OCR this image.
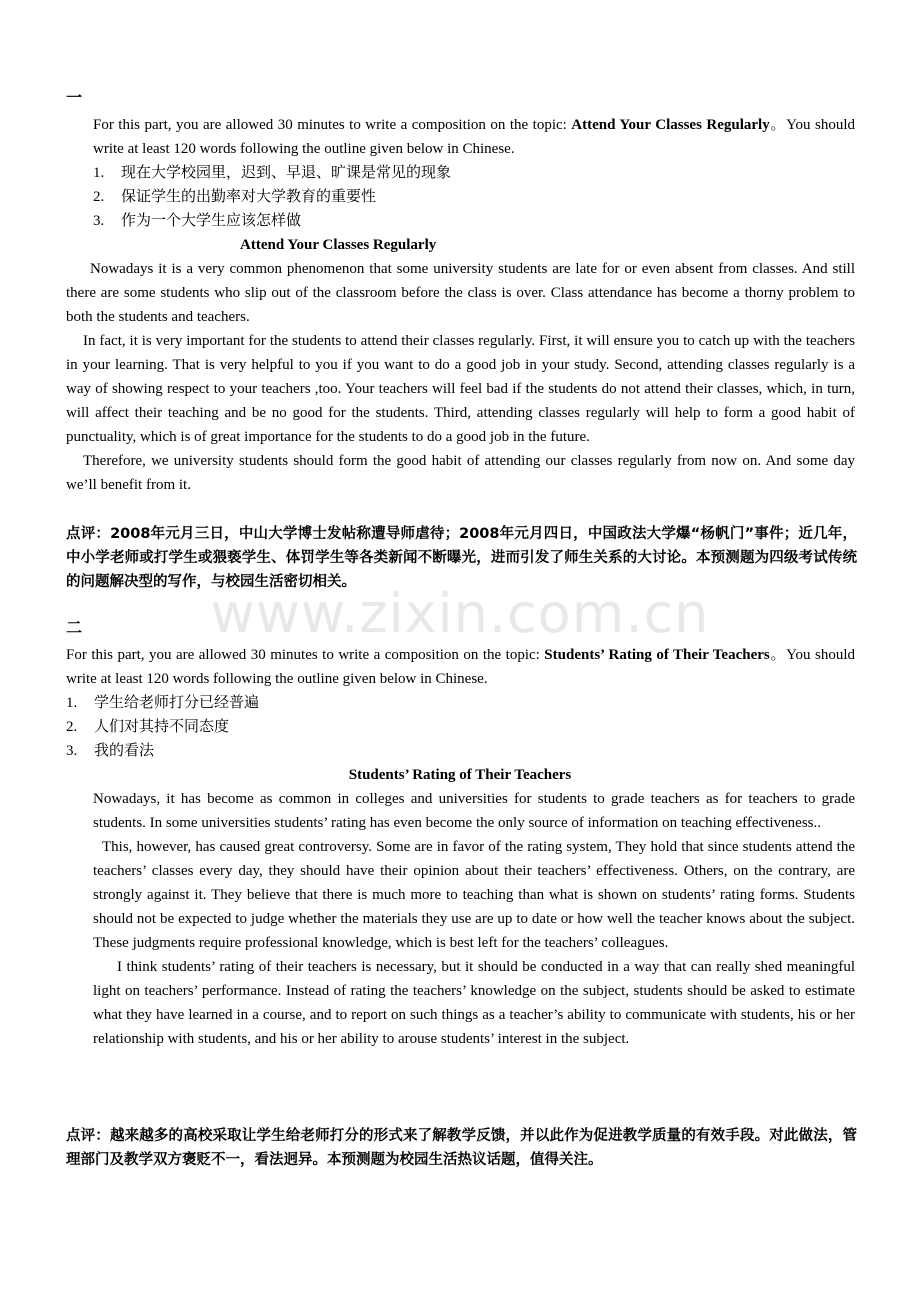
一

For this part, you are allowed 30 minutes to write a composition on the topic: Attend Your Classes Regularly。You should write at least 120 words following the outline given below in Chinese.

1.	现在大学校园里，迟到、早退、旷课是常见的现象
2.	保证学生的出勤率对大学教育的重要性
3.	作为一个大学生应该怎样做
Attend Your Classes Regularly

Nowadays it is a very common phenomenon that some university students are late for or even absent from classes. And still there are some students who slip out of the classroom before the class is over. Class attendance has become a thorny problem to both the students and teachers.

In fact, it is very important for the students to attend their classes regularly. First, it will ensure you to catch up with the teachers in your learning. That is very helpful to you if you want to do a good job in your study. Second, attending classes regularly is a way of showing respect to your teachers ,too. Your teachers will feel bad if the students do not attend their classes, which, in turn, will affect their teaching and be no good for the students. Third, attending classes regularly will help to form a good habit of punctuality, which is of great importance for the students to do a good job in the future.

Therefore, we university students should form the good habit of attending our classes regularly from now on. And some day we’ll benefit from it.

点评：2008年元月三日，中山大学博士发帖称遭导师虐待；2008年元月四日，中国政法大学爆“杨帆门”事件；近几年，中小学老师或打学生或猥亵学生、体罚学生等各类新闻不断曝光，进而引发了师生关系的大讨论。本预测题为四级考试传统的问题解决型的写作，与校园生活密切相关。

www.zixin.com.cn
二

For this part, you are allowed 30 minutes to write a composition on the topic: Students’ Rating of Their Teachers。You should write at least 120 words following the outline given below in Chinese.

1.	学生给老师打分已经普遍
2.	人们对其持不同态度
3.	我的看法
Students’ Rating of Their Teachers

Nowadays, it has become as common in colleges and universities for students to grade teachers as for teachers to grade students. In some universities students’ rating has even become the only source of information on teaching effectiveness..

This, however, has caused great controversy. Some are in favor of the rating system, They hold that since students attend the teachers’ classes every day, they should have their opinion about their teachers’ effectiveness. Others, on the contrary, are strongly against it. They believe that there is much more to teaching than what is shown on students’ rating forms. Students should not be expected to judge whether the materials they use are up to date or how well the teacher knows about the subject. These judgments require professional knowledge, which is best left for the teachers’ colleagues.

I think students’ rating of their teachers is necessary, but it should be conducted in a way that can really shed meaningful light on teachers’ performance. Instead of rating the teachers’ knowledge on the subject, students should be asked to estimate what they have learned in a course, and to report on such things as a teacher’s ability to communicate with students, his or her relationship with students, and his or her ability to arouse students’ interest in the subject.

点评：越来越多的高校采取让学生给老师打分的形式来了解教学反馈，并以此作为促进教学质量的有效手段。对此做法，管理部门及教学双方褒贬不一，看法迥异。本预测题为校园生活热议话题，值得关注。
